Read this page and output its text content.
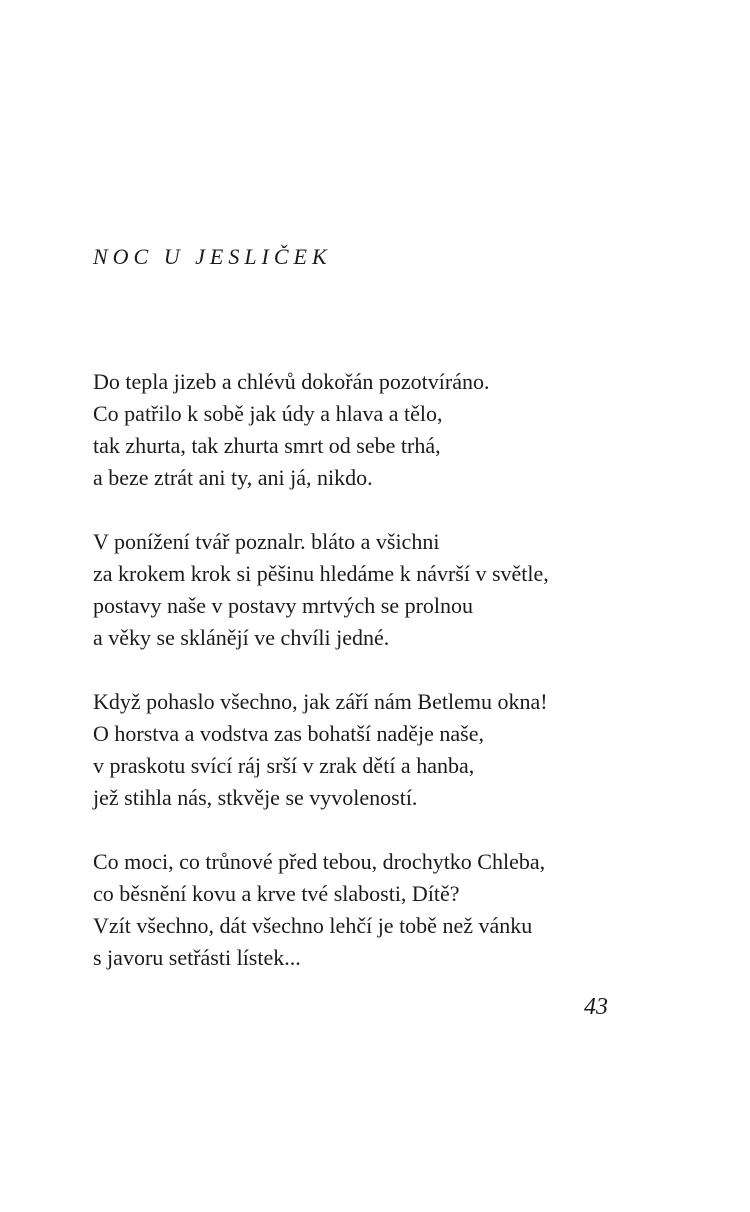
NOC U JESLIČEK
Do tepla jizeb a chlévů dokořán pozotvíráno.
Co patřilo k sobě jak údy a hlava a tělo,
tak zhurta, tak zhurta smrt od sebe trhá,
a beze ztrát ani ty, ani já, nikdo.
V ponížení tvář poznalг. bláto a všichni
za krokem krok si pěšinu hledáme k návrší v světle,
postavy naše v postavy mrtvých se prolnou
a věky se sklánějí ve chvíli jedné.
Když pohaslo všechno, jak září nám Betlemu okna!
O horstva a vodstva zas bohatší naděje naše,
v praskotu svící ráj srší v zrak dětí a hanba,
jež stihla nás, stkvěje se vyvoleností.
Co moci, co trůnové před tebou, drochytko Chleba,
co běsnění kovu a krve tvé slabosti, Dítě?
Vzít všechno, dát všechno lehčí je tobě než vánku
s javoru setřásti lístek...
43
